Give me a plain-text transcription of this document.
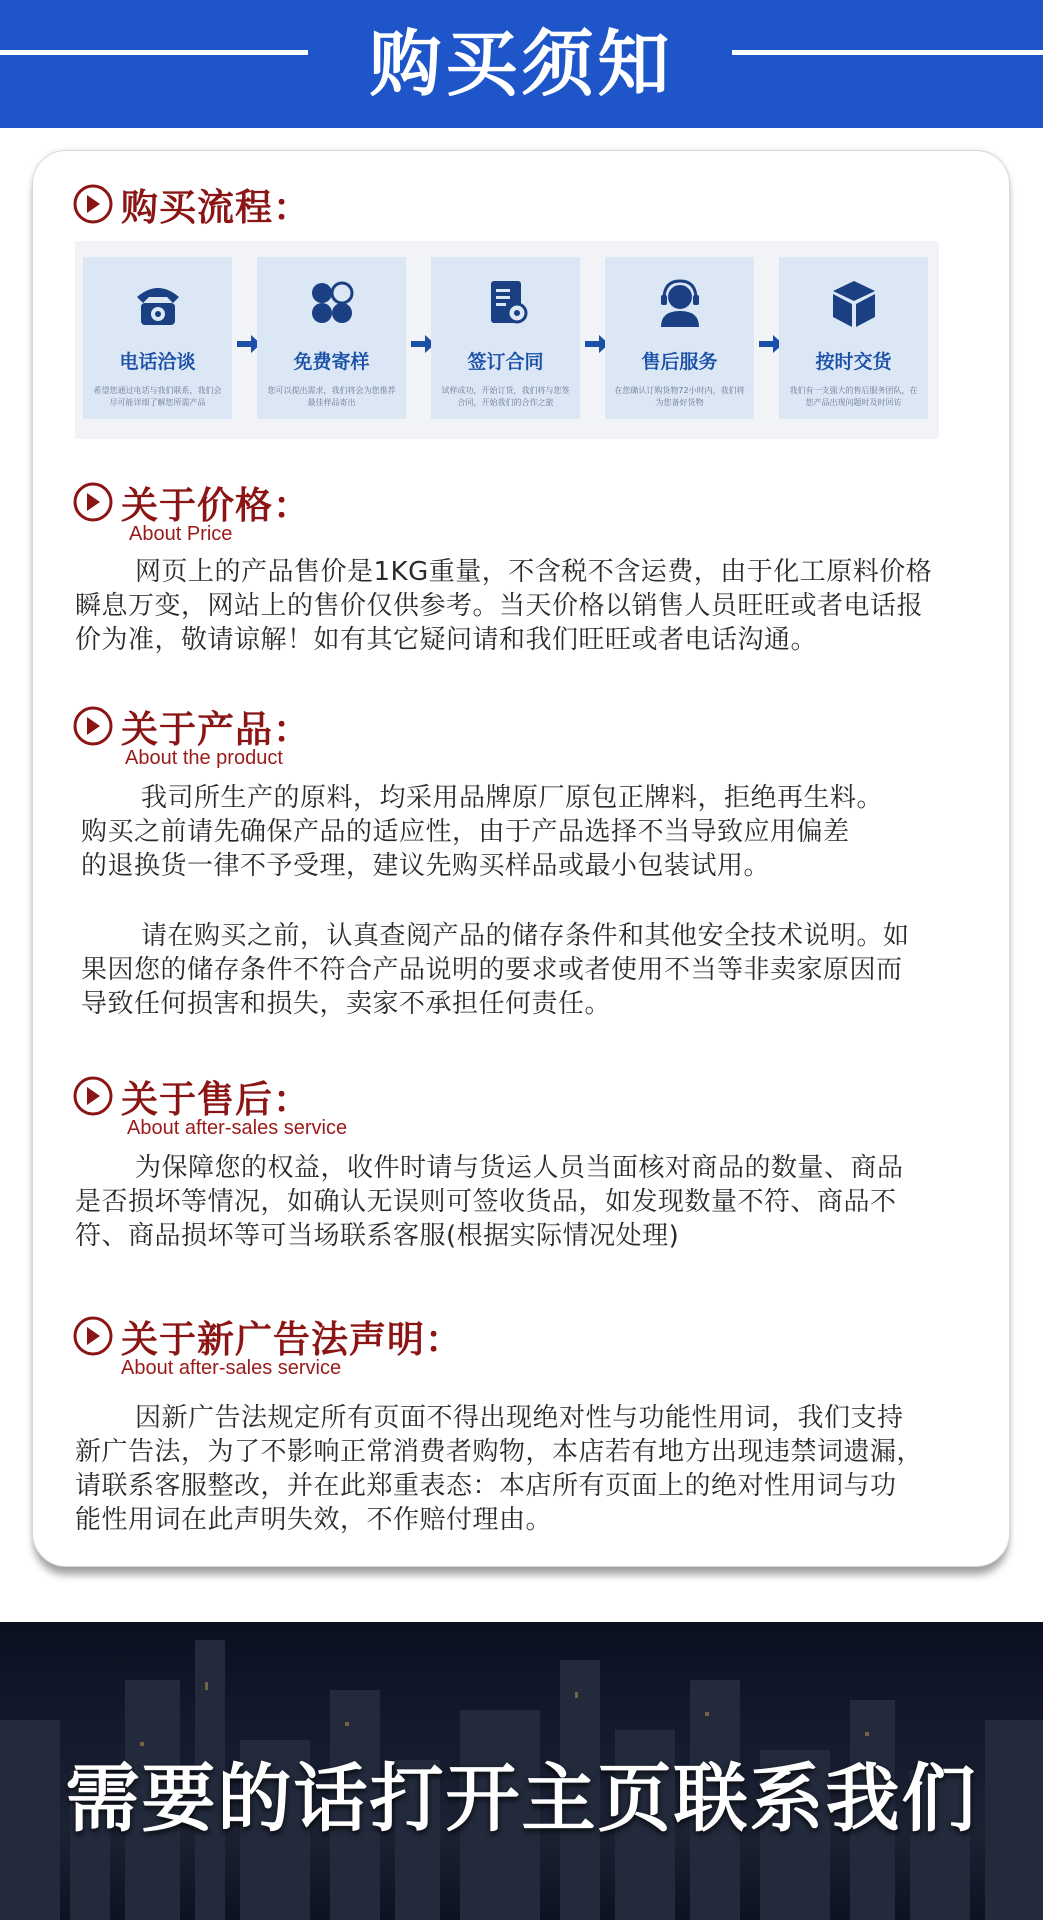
购买须知
购买流程：
电话洽谈
希望您通过电话与我们联系，我们会尽可能详细了解您所需产品
免费寄样
您可以提出需求，我们将会为您推荐最佳样品寄出
签订合同
试样成功，开始订货，我们将与您签合同，开始我们的合作之旅
售后服务
在您确认订购货物72小时内，我们将为您备好货物
按时交货
我们有一支强大的售后服务团队，在您产品出现问题时及时回访
关于价格：
About Price

网页上的产品售价是1KG重量，不含税不含运费，由于化工原料价格
瞬息万变，网站上的售价仅供参考。当天价格以销售人员旺旺或者电话报
价为准，敬请谅解！如有其它疑问请和我们旺旺或者电话沟通。

关于产品：
About the product

我司所生产的原料，均采用品牌原厂原包正牌料，拒绝再生料。
购买之前请先确保产品的适应性，由于产品选择不当导致应用偏差
的退换货一律不予受理，建议先购买样品或最小包装试用。

请在购买之前，认真查阅产品的储存条件和其他安全技术说明。如
果因您的储存条件不符合产品说明的要求或者使用不当等非卖家原因而
导致任何损害和损失，卖家不承担任何责任。

关于售后：
About after-sales service

为保障您的权益，收件时请与货运人员当面核对商品的数量、商品
是否损坏等情况，如确认无误则可签收货品，如发现数量不符、商品不
符、商品损坏等可当场联系客服(根据实际情况处理)

关于新广告法声明：
About after-sales service

因新广告法规定所有页面不得出现绝对性与功能性用词，我们支持
新广告法，为了不影响正常消费者购物，本店若有地方出现违禁词遗漏，
请联系客服整改，并在此郑重表态：本店所有页面上的绝对性用词与功
能性用词在此声明失效，不作赔付理由。

需要的话打开主页联系我们
